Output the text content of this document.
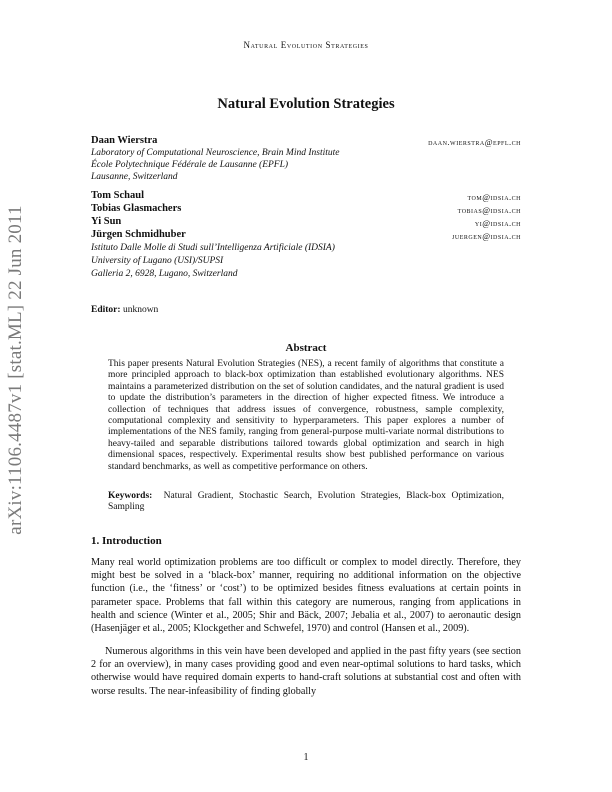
Natural Evolution Strategies
arXiv:1106.4487v1 [stat.ML] 22 Jun 2011
Natural Evolution Strategies
Daan Wierstra	daan.wierstra@epfl.ch
Laboratory of Computational Neuroscience, Brain Mind Institute
École Polytechnique Fédérale de Lausanne (EPFL)
Lausanne, Switzerland
Tom Schaul	tom@idsia.ch
Tobias Glasmachers	tobias@idsia.ch
Yi Sun	yi@idsia.ch
Jürgen Schmidhuber	juergen@idsia.ch
Istituto Dalle Molle di Studi sull’Intelligenza Artificiale (IDSIA)
University of Lugano (USI)/SUPSI
Galleria 2, 6928, Lugano, Switzerland
Editor: unknown
Abstract

This paper presents Natural Evolution Strategies (NES), a recent family of algorithms that constitute a more principled approach to black-box optimization than established evolutionary algorithms. NES maintains a parameterized distribution on the set of solution candidates, and the natural gradient is used to update the distribution’s parameters in the direction of higher expected fitness. We introduce a collection of techniques that address issues of convergence, robustness, sample complexity, computational complexity and sensitivity to hyperparameters. This paper explores a number of implementations of the NES family, ranging from general-purpose multi-variate normal distributions to heavy-tailed and separable distributions tailored towards global optimization and search in high dimensional spaces, respectively. Experimental results show best published performance on various standard benchmarks, as well as competitive performance on others.

Keywords: Natural Gradient, Stochastic Search, Evolution Strategies, Black-box Optimization, Sampling

1. Introduction

Many real world optimization problems are too difficult or complex to model directly. Therefore, they might best be solved in a ‘black-box’ manner, requiring no additional information on the objective function (i.e., the ‘fitness’ or ‘cost’) to be optimized besides fitness evaluations at certain points in parameter space. Problems that fall within this category are numerous, ranging from applications in health and science (Winter et al., 2005; Shir and Bäck, 2007; Jebalia et al., 2007) to aeronautic design (Hasenjäger et al., 2005; Klockgether and Schwefel, 1970) and control (Hansen et al., 2009).

Numerous algorithms in this vein have been developed and applied in the past fifty years (see section 2 for an overview), in many cases providing good and even near-optimal solutions to hard tasks, which otherwise would have required domain experts to hand-craft solutions at substantial cost and often with worse results. The near-infeasibility of finding globally

1
